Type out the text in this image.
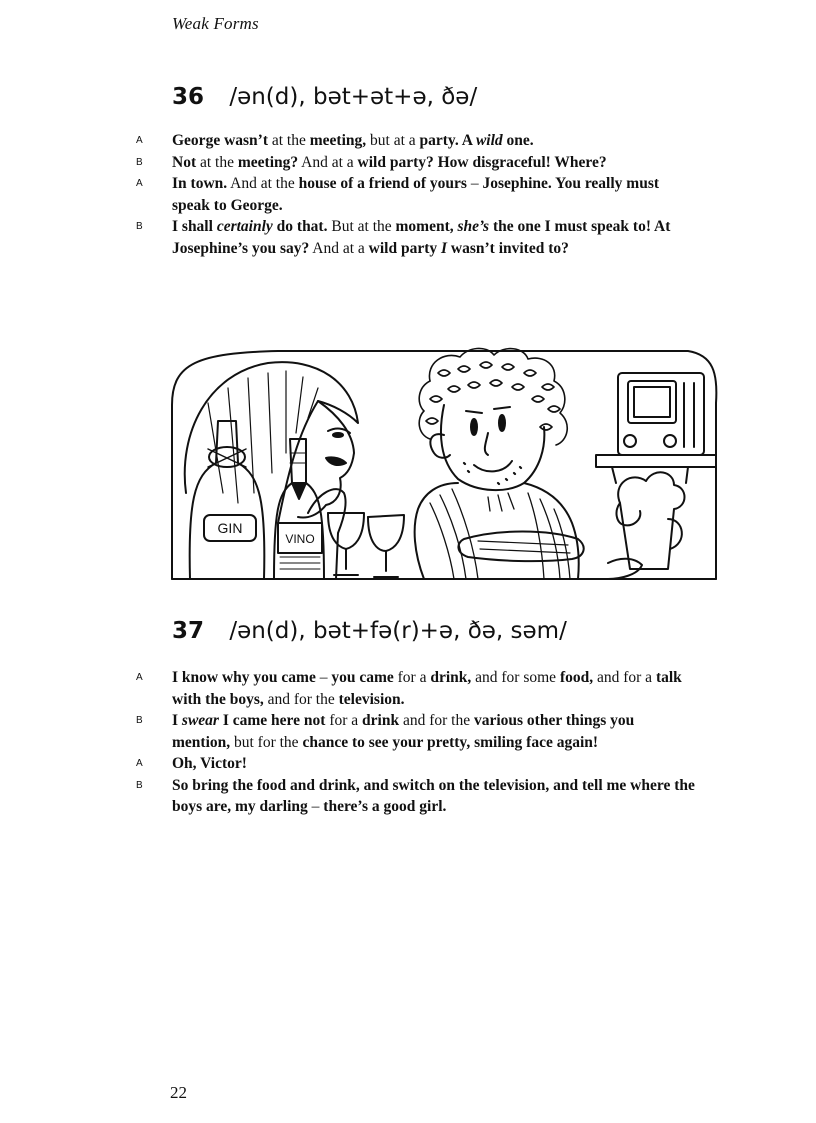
Weak Forms
36 /ən(d), bət+ət+ə, ðə/
A George wasn’t at the meeting, but at a party. A wild one.
B Not at the meeting? And at a wild party? How disgraceful! Where?
A In town. And at the house of a friend of yours – Josephine. You really must speak to George.
B I shall certainly do that. But at the moment, she’s the one I must speak to! At Josephine’s you say? And at a wild party I wasn’t invited to?
GIN
VINO
37 /ən(d), bət+fə(r)+ə, ðə, səm/
A I know why you came – you came for a drink, and for some food, and for a talk with the boys, and for the television.
B I swear I came here not for a drink and for the various other things you mention, but for the chance to see your pretty, smiling face again!
A Oh, Victor!
B So bring the food and drink, and switch on the television, and tell me where the boys are, my darling – there’s a good girl.
22
